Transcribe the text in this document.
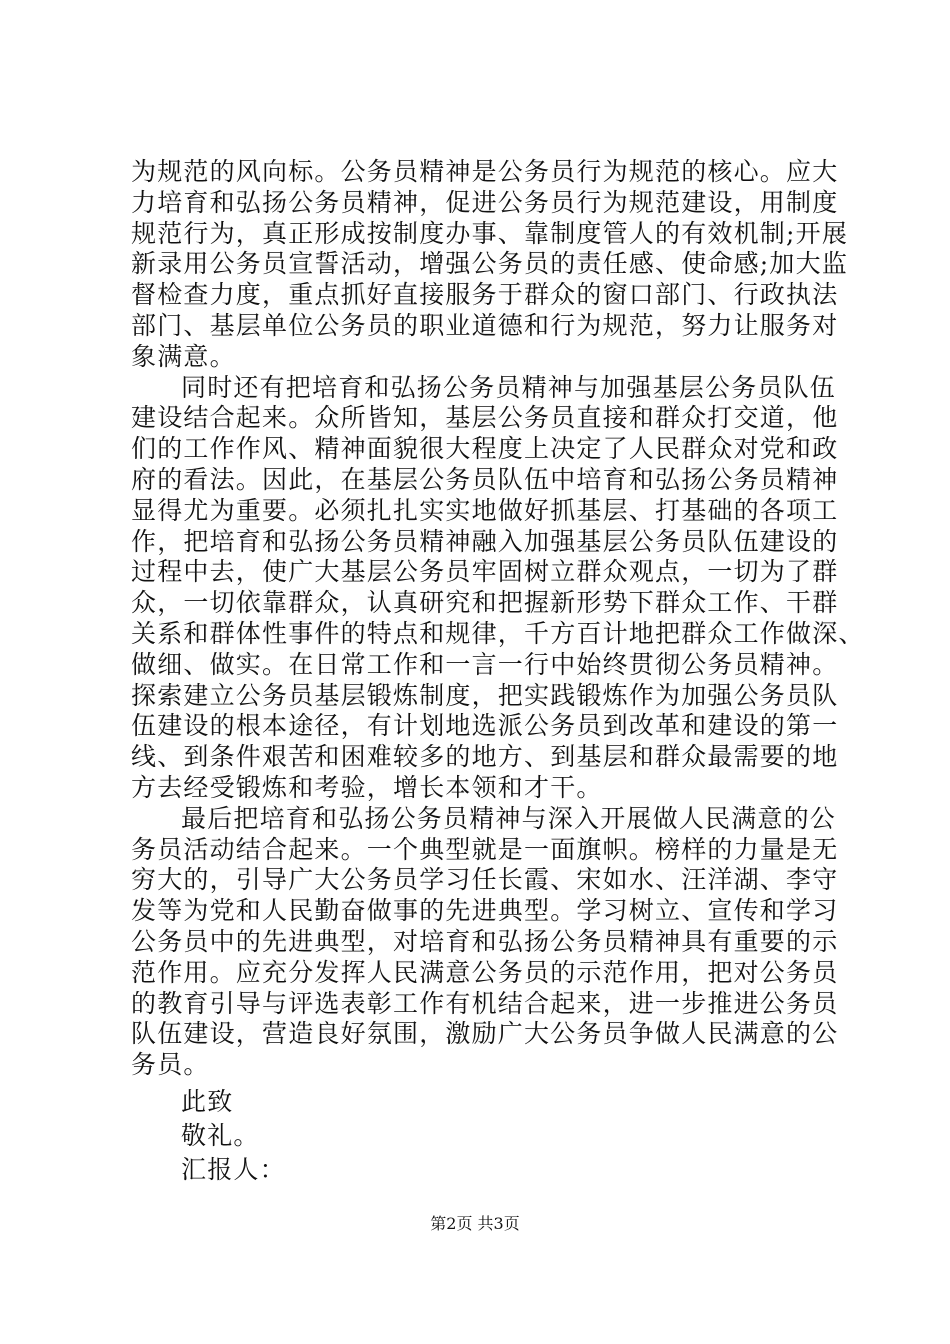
为规范的风向标。公务员精神是公务员行为规范的核心。应大
力培育和弘扬公务员精神，促进公务员行为规范建设，用制度
规范行为，真正形成按制度办事、靠制度管人的有效机制;开展
新录用公务员宣誓活动，增强公务员的责任感、使命感;加大监
督检查力度，重点抓好直接服务于群众的窗口部门、行政执法
部门、基层单位公务员的职业道德和行为规范，努力让服务对
象满意。
同时还有把培育和弘扬公务员精神与加强基层公务员队伍
建设结合起来。众所皆知，基层公务员直接和群众打交道，他
们的工作作风、精神面貌很大程度上决定了人民群众对党和政
府的看法。因此，在基层公务员队伍中培育和弘扬公务员精神
显得尤为重要。必须扎扎实实地做好抓基层、打基础的各项工
作，把培育和弘扬公务员精神融入加强基层公务员队伍建设的
过程中去，使广大基层公务员牢固树立群众观点，一切为了群
众，一切依靠群众，认真研究和把握新形势下群众工作、干群
关系和群体性事件的特点和规律，千方百计地把群众工作做深、
做细、做实。在日常工作和一言一行中始终贯彻公务员精神。
探索建立公务员基层锻炼制度，把实践锻炼作为加强公务员队
伍建设的根本途径，有计划地选派公务员到改革和建设的第一
线、到条件艰苦和困难较多的地方、到基层和群众最需要的地
方去经受锻炼和考验，增长本领和才干。
最后把培育和弘扬公务员精神与深入开展做人民满意的公
务员活动结合起来。一个典型就是一面旗帜。榜样的力量是无
穷大的，引导广大公务员学习任长霞、宋如水、汪洋湖、李守
发等为党和人民勤奋做事的先进典型。学习树立、宣传和学习
公务员中的先进典型，对培育和弘扬公务员精神具有重要的示
范作用。应充分发挥人民满意公务员的示范作用，把对公务员
的教育引导与评选表彰工作有机结合起来，进一步推进公务员
队伍建设，营造良好氛围，激励广大公务员争做人民满意的公
务员。
此致
敬礼。
汇报人：
第2页 共3页
